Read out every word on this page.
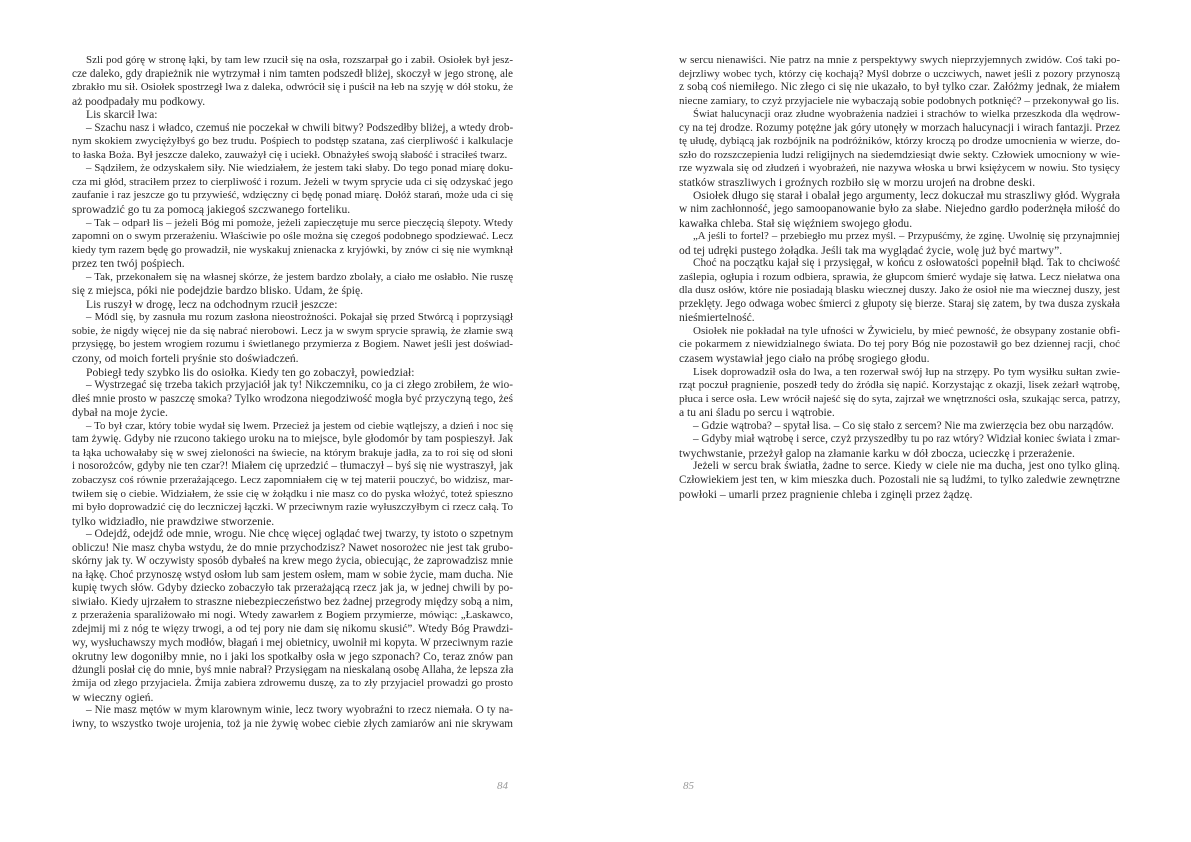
Szli pod górę w stronę łąki, by tam lew rzucił się na osła, rozszarpał go i zabił. Osiołek był jesz-
cze daleko, gdy drapieżnik nie wytrzymał i nim tamten podszedł bliżej, skoczył w jego stronę, ale
zbrakło mu sił. Osiołek spostrzegł lwa z daleka, odwrócił się i puścił na łeb na szyję w dół stoku, że
aż poodpadały mu podkowy.
Lis skarcił lwa:
– Szachu nasz i władco, czemuś nie poczekał w chwili bitwy? Podszedłby bliżej, a wtedy drob-
nym skokiem zwyciężyłbyś go bez trudu. Pośpiech to podstęp szatana, zaś cierpliwość i kalkulacje
to łaska Boża. Był jeszcze daleko, zauważył cię i uciekł. Obnażyłeś swoją słabość i straciłeś twarz.
– Sądziłem, że odzyskałem siły. Nie wiedziałem, że jestem taki słaby. Do tego ponad miarę doku-
cza mi głód, straciłem przez to cierpliwość i rozum. Jeżeli w twym sprycie uda ci się odzyskać jego
zaufanie i raz jeszcze go tu przywieść, wdzięczny ci będę ponad miarę. Dołóż starań, może uda ci się
sprowadzić go tu za pomocą jakiegoś szczwanego forteliku.
– Tak – odparł lis – jeżeli Bóg mi pomoże, jeżeli zapieczętuje mu serce pieczęcią ślepoty. Wtedy
zapomni on o swym przerażeniu. Właściwie po ośle można się czegoś podobnego spodziewać. Lecz
kiedy tym razem będę go prowadził, nie wyskakuj znienacka z kryjówki, by znów ci się nie wymknął
przez ten twój pośpiech.
– Tak, przekonałem się na własnej skórze, że jestem bardzo zbolały, a ciało me osłabło. Nie ruszę
się z miejsca, póki nie podejdzie bardzo blisko. Udam, że śpię.
Lis ruszył w drogę, lecz na odchodnym rzucił jeszcze:
– Módl się, by zasnuła mu rozum zasłona nieostrożności. Pokajał się przed Stwórcą i poprzysiągł
sobie, że nigdy więcej nie da się nabrać nierobowi. Lecz ja w swym sprycie sprawią, że złamie swą
przysięgę, bo jestem wrogiem rozumu i świetlanego przymierza z Bogiem. Nawet jeśli jest doświad-
czony, od moich forteli pryśnie sto doświadczeń.
Pobiegł tedy szybko lis do osiołka. Kiedy ten go zobaczył, powiedział:
– Wystrzegać się trzeba takich przyjaciół jak ty! Nikczemniku, co ja ci złego zrobiłem, że wio-
dłeś mnie prosto w paszczę smoka? Tylko wrodzona niegodziwość mogła być przyczyną tego, żeś
dybał na moje życie.
– To był czar, który tobie wydał się lwem. Przecież ja jestem od ciebie wątlejszy, a dzień i noc się
tam żywię. Gdyby nie rzucono takiego uroku na to miejsce, byle głodomór by tam pospieszył. Jak
ta łąka uchowałaby się w swej zieloności na świecie, na którym brakuje jadła, za to roi się od słoni
i nosorożców, gdyby nie ten czar?! Miałem cię uprzedzić – tłumaczył – byś się nie wystraszył, jak
zobaczysz coś równie przerażającego. Lecz zapomniałem cię w tej materii pouczyć, bo widzisz, mar-
twiłem się o ciebie. Widziałem, że ssie cię w żołądku i nie masz co do pyska włożyć, toteż spieszno
mi było doprowadzić cię do leczniczej łączki. W przeciwnym razie wyłuszczyłbym ci rzecz całą. To
tylko widziadło, nie prawdziwe stworzenie.
– Odejdź, odejdź ode mnie, wrogu. Nie chcę więcej oglądać twej twarzy, ty istoto o szpetnym
obliczu! Nie masz chyba wstydu, że do mnie przychodzisz? Nawet nosorożec nie jest tak grubo-
skórny jak ty. W oczywisty sposób dybałeś na krew mego życia, obiecując, że zaprowadzisz mnie
na łąkę. Choć przynoszę wstyd osłom lub sam jestem osłem, mam w sobie życie, mam ducha. Nie
kupię twych słów. Gdyby dziecko zobaczyło tak przerażającą rzecz jak ja, w jednej chwili by po-
siwiało. Kiedy ujrzałem to straszne niebezpieczeństwo bez żadnej przegrody między sobą a nim,
z przerażenia sparaliżowało mi nogi. Wtedy zawarłem z Bogiem przymierze, mówiąc: „Łaskawco,
zdejmij mi z nóg te więzy trwogi, a od tej pory nie dam się nikomu skusić”. Wtedy Bóg Prawdzi-
wy, wysłuchawszy mych modłów, błagań i mej obietnicy, uwolnił mi kopyta. W przeciwnym razie
okrutny lew dogoniłby mnie, no i jaki los spotkałby osła w jego szponach? Co, teraz znów pan
dżungli posłał cię do mnie, byś mnie nabrał? Przysięgam na nieskalaną osobę Allaha, że lepsza zła
żmija od złego przyjaciela. Żmija zabiera zdrowemu duszę, za to zły przyjaciel prowadzi go prosto
w wieczny ogień.
– Nie masz mętów w mym klarownym winie, lecz twory wyobraźni to rzecz niemała. O ty na-
iwny, to wszystko twoje urojenia, toż ja nie żywię wobec ciebie złych zamiarów ani nie skrywam
84
w sercu nienawiści. Nie patrz na mnie z perspektywy swych nieprzyjemnych zwidów. Coś taki po-
dejrzliwy wobec tych, którzy cię kochają? Myśl dobrze o uczciwych, nawet jeśli z pozory przynoszą
z sobą coś niemiłego. Nic złego ci się nie ukazało, to był tylko czar. Załóżmy jednak, że miałem
niecne zamiary, to czyż przyjaciele nie wybaczają sobie podobnych potknięć? – przekonywał go lis.
Świat halucynacji oraz złudne wyobrażenia nadziei i strachów to wielka przeszkoda dla wędrow-
cy na tej drodze. Rozumy potężne jak góry utonęły w morzach halucynacji i wirach fantazji. Przez
tę ułudę, dybiącą jak rozbójnik na podróżników, którzy kroczą po drodze umocnienia w wierze, do-
szło do rozszczepienia ludzi religijnych na siedemdziesiąt dwie sekty. Człowiek umocniony w wie-
rze wyzwala się od złudzeń i wyobrażeń, nie nazywa włoska u brwi księżycem w nowiu. Sto tysięcy
statków straszliwych i groźnych rozbiło się w morzu urojeń na drobne deski.
Osiołek długo się starał i obalał jego argumenty, lecz dokuczał mu straszliwy głód. Wygrała
w nim zachłonność, jego samoopanowanie było za słabe. Niejedno gardło poderżnęła miłość do
kawałka chleba. Stał się więźniem swojego głodu.
„A jeśli to fortel? – przebiegło mu przez myśl. – Przypuśćmy, że zginę. Uwolnię się przynajmniej
od tej udręki pustego żołądka. Jeśli tak ma wyglądać życie, wolę już być martwy”.
Choć na początku kajał się i przysięgał, w końcu z osłowatości popełnił błąd. Tak to chciwość
zaślepia, ogłupia i rozum odbiera, sprawia, że głupcom śmierć wydaje się łatwa. Lecz niełatwa ona
dla dusz osłów, które nie posiadają blasku wiecznej duszy. Jako że osioł nie ma wiecznej duszy, jest
przeklęty. Jego odwaga wobec śmierci z głupoty się bierze. Staraj się zatem, by twa dusza zyskała
nieśmiertelność.
Osiołek nie pokładał na tyle ufności w Żywicielu, by mieć pewność, że obsypany zostanie obfi-
cie pokarmem z niewidzialnego świata. Do tej pory Bóg nie pozostawił go bez dziennej racji, choć
czasem wystawiał jego ciało na próbę srogiego głodu.
Lisek doprowadził osła do lwa, a ten rozerwał swój łup na strzępy. Po tym wysiłku sułtan zwie-
rząt poczuł pragnienie, poszedł tedy do źródła się napić. Korzystając z okazji, lisek zeżarł wątrobę,
płuca i serce osła. Lew wrócił najeść się do syta, zajrzał we wnętrzności osła, szukając serca, patrzy,
a tu ani śladu po sercu i wątrobie.
– Gdzie wątroba? – spytał lisa. – Co się stało z sercem? Nie ma zwierzęcia bez obu narządów.
– Gdyby miał wątrobę i serce, czyż przyszedłby tu po raz wtóry? Widział koniec świata i zmar-
twychwstanie, przeżył galop na złamanie karku w dół zbocza, ucieczkę i przerażenie.
Jeżeli w sercu brak światła, żadne to serce. Kiedy w ciele nie ma ducha, jest ono tylko gliną.
Człowiekiem jest ten, w kim mieszka duch. Pozostali nie są ludźmi, to tylko zaledwie zewnętrzne
powłoki – umarli przez pragnienie chleba i zginęli przez żądzę.
85
